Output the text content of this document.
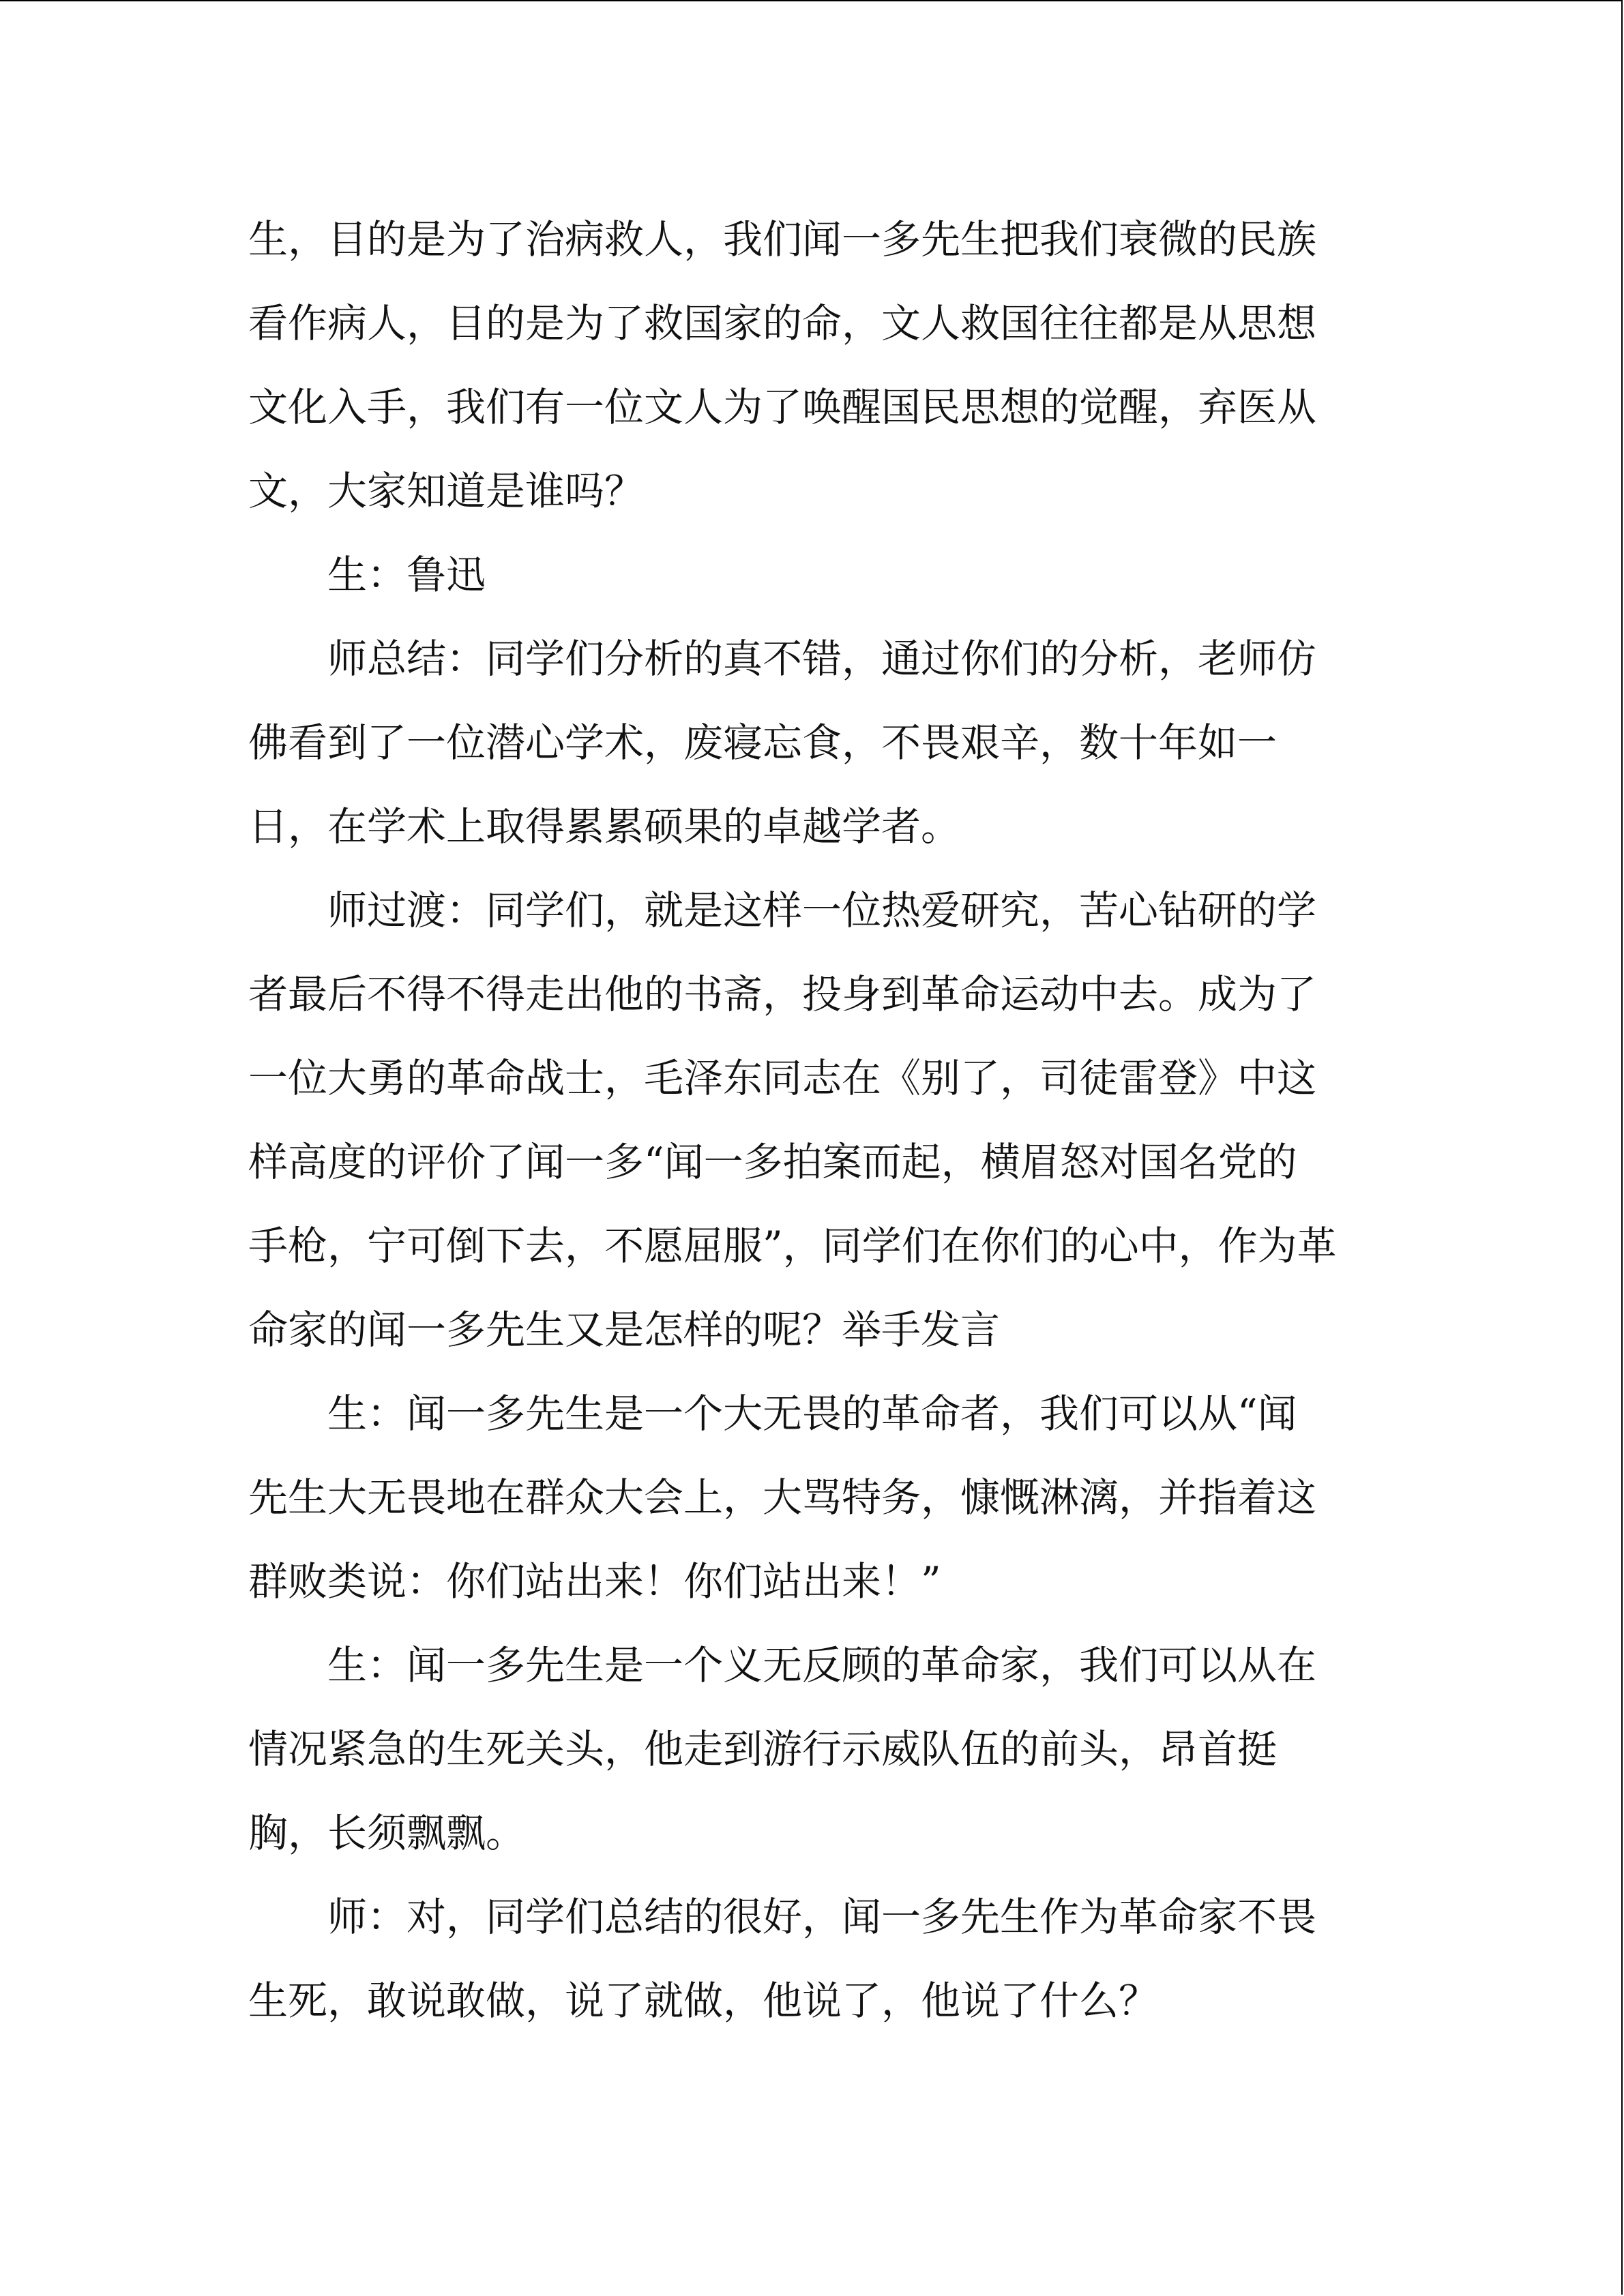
生，目的是为了治病救人，我们闻一多先生把我们衰微的民族
看作病人，目的是为了救国家的命，文人救国往往都是从思想
文化入手，我们有一位文人为了唤醒国民思想的觉醒，弃医从
文，大家知道是谁吗？
生：鲁迅
师总结：同学们分析的真不错，通过你们的分析，老师仿
佛看到了一位潜心学术，废寝忘食，不畏艰辛，数十年如一
日，在学术上取得累累硕果的卓越学者。
师过渡：同学们，就是这样一位热爱研究，苦心钻研的学
者最后不得不得走出他的书斋，投身到革命运动中去。成为了
一位大勇的革命战士，毛泽东同志在《别了，司徒雷登》中这
样高度的评价了闻一多“闻一多拍案而起，横眉怒对国名党的
手枪，宁可倒下去，不愿屈服”，同学们在你们的心中，作为革
命家的闻一多先生又是怎样的呢？举手发言
生：闻一多先生是一个大无畏的革命者，我们可以从“闻
先生大无畏地在群众大会上，大骂特务，慷慨淋漓，并指着这
群败类说：你们站出来！你们站出来！”
生：闻一多先生是一个义无反顾的革命家，我们可以从在
情况紧急的生死关头，他走到游行示威队伍的前头，昂首挺
胸，长须飘飘。
师：对，同学们总结的很好，闻一多先生作为革命家不畏
生死，敢说敢做，说了就做，他说了，他说了什么？
